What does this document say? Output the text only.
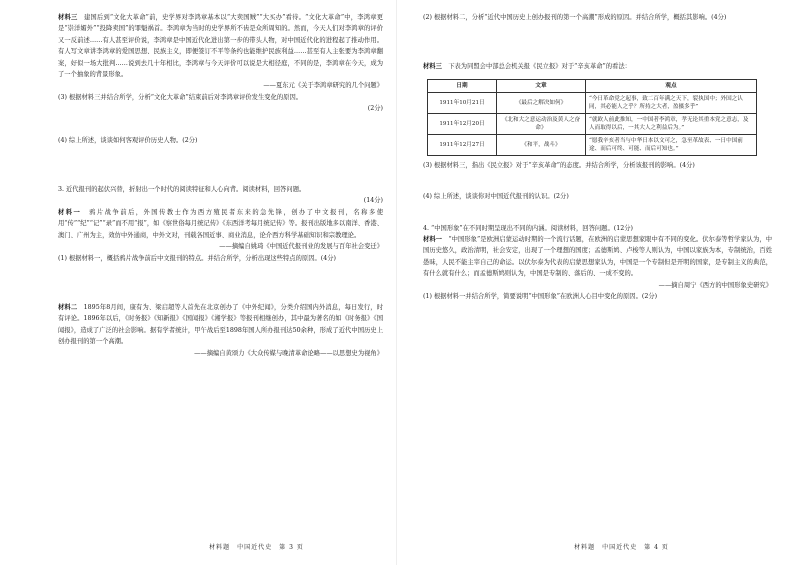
材料三　 建国后到“文化大革命”前，史学界对李鸿章基本以“大卖国贼”“大买办”看待。“文化大革命”中，李鸿章更是“崇洋媚外”“投降卖国”的罪魁祸首。李鸿章为当时的史学界所不齿是众所周知的。然而，今天人们对李鸿章的评价又一反前述……有人甚至评价说，李鸿章是中国近代化进出第一步的带头人物，对中国近代化的进程起了推动作用。有人写文章讲李鸿章的爱国思想、民族主义，即便签订不平等条约也能维护民族利益……甚至有人主张要为李鸿章翻案，好似一场大批判……说到去几十年相比，李鸿章与今天评价可以说是大相径庭，不同的是，李鸿章在今天，成为了一个抽象的背景形象。

——夏东元《关于李鸿章研究的几个问题》

(3) 根据材料三并结合所学，分析“文化大革命”结束前后对李鸿章评价发生变化的原因。

(2分)

(4) 综上所述，谈谈如何客观评价历史人物。(2分)

3. 近代报刊的起伏兴替，折射出一个时代的阅读特征和人心向背。阅读材料，回答问题。

(14分)

材料一　 鸦片战争前后，外国传教士作为西方殖民者东来的急先锋，创办了中文报刊，名称多使用“传”“纪”“记”“录”而不用“报”，如《察世俗每月统记传》《东西洋考每月统记传》等。报刊出版地多以南洋、香港、澳门、广州为主，效仿中外通商，中外文对，刊载各国近事、商业消息，论介西方科学基础知识和宗教理论。

——摘编自姚琦《中国近代报刊业的发展与百年社会变迁》

(1) 根据材料一，概括鸦片战争前后中文报刊的特点。并结合所学，分析出现这些特点的原因。(4分)

材料二　 1895年8月间，康有为、梁启超等人首先在北京创办了《中外纪闻》，分类介绍国内外消息，每日发行，时有评论。1896年以后，《时务报》《知新报》《国闻报》《湘学报》等报刊相继创办，其中最为著名的如《时务报》《国闻报》，造成了广泛的社会影响。据有学者统计，甲午战后至1898年国人所办报刊达50余种，形成了近代中国历史上创办报刊的第一个高潮。

——摘编自黄颂力《大众传媒与晚清革命论略——以思想史为视角》

材料题　中国近代史　第 3 页

(2) 根据材料二，分析“近代中国历史上创办报刊的第一个高潮”形成的原因。并结合所学，概括其影响。(4分)

材料三　 下表为同盟会中部总会机关报《民立报》对于“辛亥革命”的看法：

日期	文章	观点
1911年10月21日	《最后之解决如何》	“今日革命党之起事，致二百年满之天下，裂执国中；外国之认同，其必能人之乎？所持之大者，盈摄多乎”
1911年12月20日	《北和大之意运动治及黄人之奋命》	“就欧人前此推知，一中国者李鸿章，孝无论其重本党之意志，及人而取得以后，一其大人之利益后为。”
1911年12月27日	《和平，战斗》	“愿我辛亥者当与中华日本以文可之，急至革故表、一日中国前途、而后可终、可能、而后可知也。”

(3) 根据材料三，指出《民立报》对于“辛亥革命”的态度。并结合所学，分析该报刊的影响。(4分)

(4) 综上所述，谈谈你对中国近代报刊的认识。(2分)

4. “中国形象”在不同时期呈现出不同的内涵。阅读材料，回答问题。(12分)

材料一　 “中国形象”是欧洲启蒙运动时期的一个流行话题，在欧洲的启蒙思想家眼中有不同的变化。伏尔泰等哲学家认为，中国历史悠久，政治清明，社会安定，出现了一个理想的国度；孟德斯鸠、卢梭等人则认为，中国以家族为本，专制统治，百姓愚昧，人民不能主宰自己的命运。以伏尔泰为代表的启蒙思想家认为，中国是一个专制但是开明的国家，是专制主义的典范，有什么就有什么；而孟德斯鸠则认为，中国是专制的、落后的、一成不变的。

——摘自周宁《西方的中国形象史研究》

(1) 根据材料一并结合所学，简要说明“中国形象”在欧洲人心目中变化的原因。(2分)

材料题　中国近代史　第 4 页
